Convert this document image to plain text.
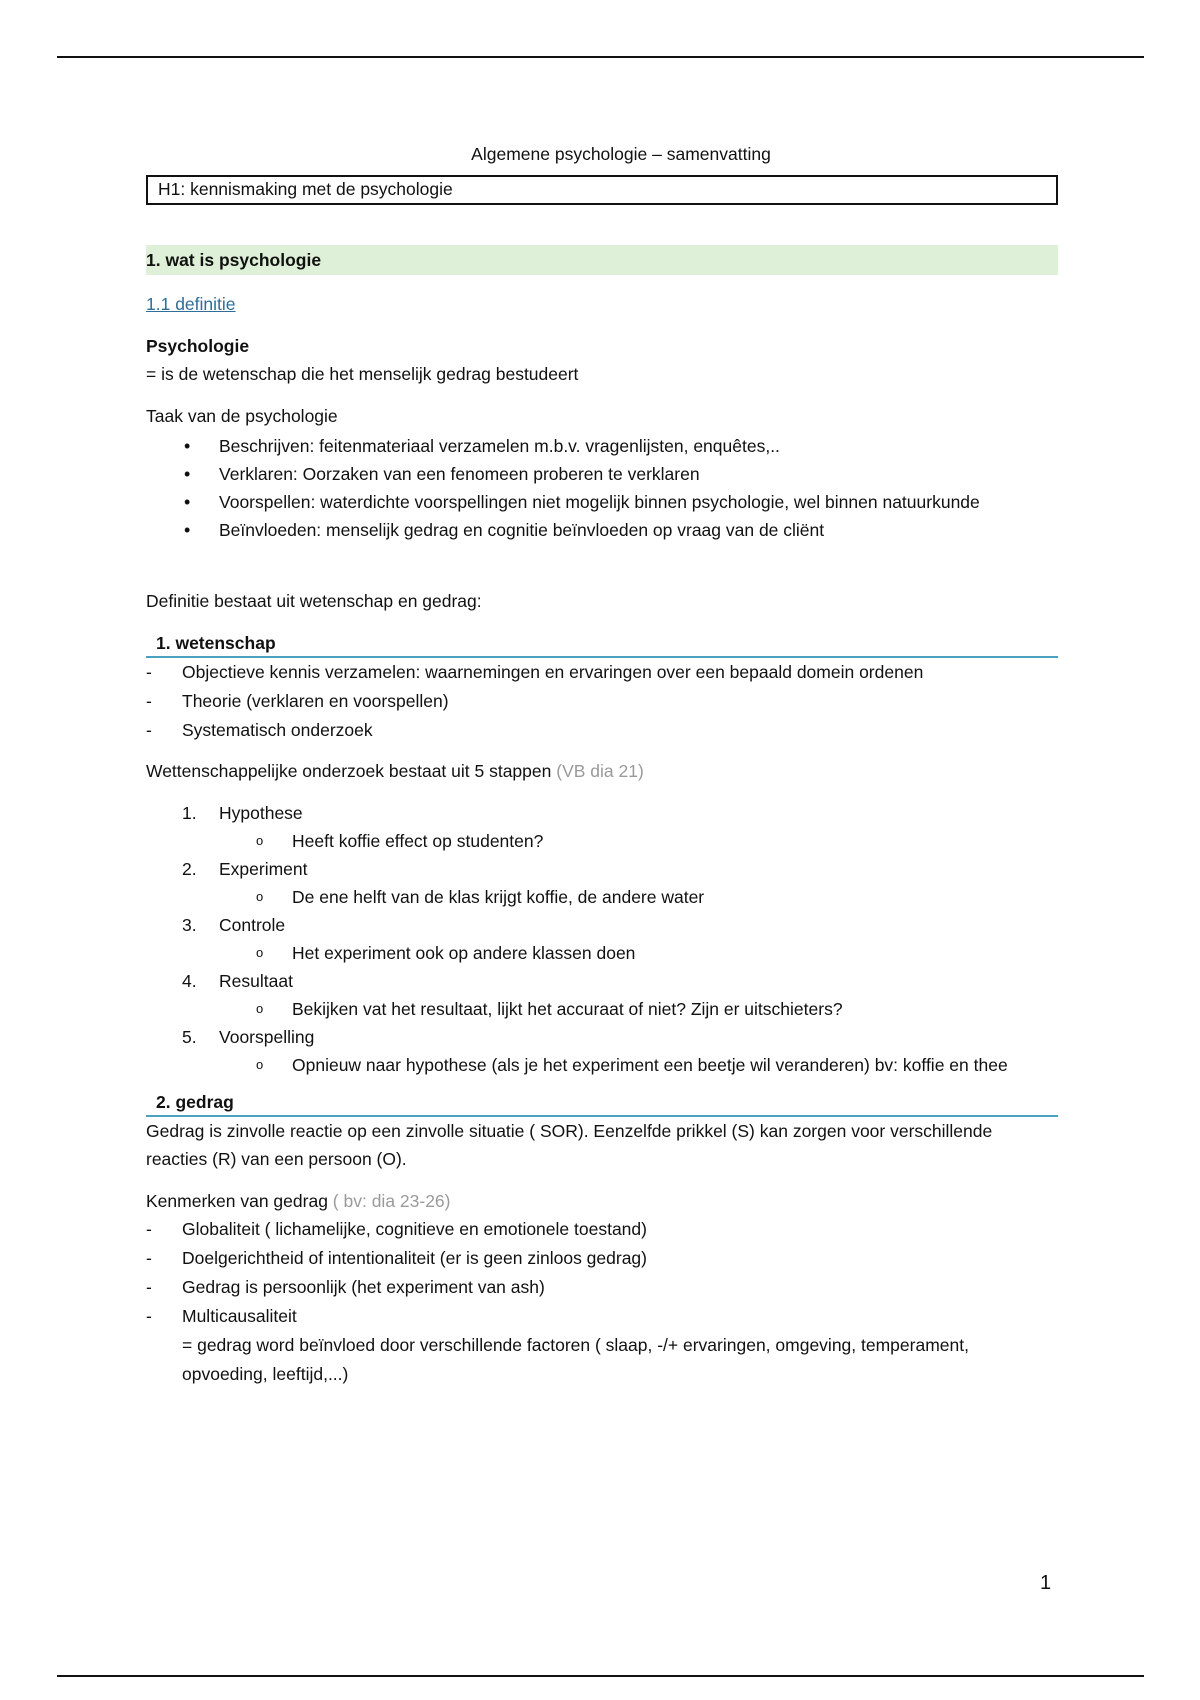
Algemene psychologie – samenvatting
H1: kennismaking met de psychologie
1. wat is psychologie
1.1 definitie

Psychologie

= is de wetenschap die het menselijk gedrag bestudeert

Taak van de psychologie

• Beschrijven: feitenmateriaal verzamelen m.b.v. vragenlijsten, enquêtes,..
• Verklaren: Oorzaken van een fenomeen proberen te verklaren
• Voorspellen: waterdichte voorspellingen niet mogelijk binnen psychologie, wel binnen natuurkunde
• Beïnvloeden: menselijk gedrag en cognitie beïnvloeden op vraag van de cliënt

Definitie bestaat uit wetenschap en gedrag:

1. wetenschap
- Objectieve kennis verzamelen: waarnemingen en ervaringen over een bepaald domein ordenen
- Theorie (verklaren en voorspellen)
- Systematisch onderzoek

Wettenschappelijke onderzoek bestaat uit 5 stappen (VB dia 21)

1. Hypothese
o Heeft koffie effect op studenten?
2. Experiment
o De ene helft van de klas krijgt koffie, de andere water
3. Controle
o Het experiment ook op andere klassen doen
4. Resultaat
o Bekijken vat het resultaat, lijkt het accuraat of niet? Zijn er uitschieters?
5. Voorspelling
o Opnieuw naar hypothese (als je het experiment een beetje wil veranderen) bv: koffie en thee
2. gedrag

Gedrag is zinvolle reactie op een zinvolle situatie ( SOR). Eenzelfde prikkel (S) kan zorgen voor verschillende reacties (R) van een persoon (O).

Kenmerken van gedrag ( bv: dia 23-26)

- Globaliteit ( lichamelijke, cognitieve en emotionele toestand)
- Doelgerichtheid of intentionaliteit (er is geen zinloos gedrag)
- Gedrag is persoonlijk (het experiment van ash)
- Multicausaliteit
= gedrag word beïnvloed door verschillende factoren ( slaap, -/+ ervaringen, omgeving, temperament, opvoeding, leeftijd,...)
1
